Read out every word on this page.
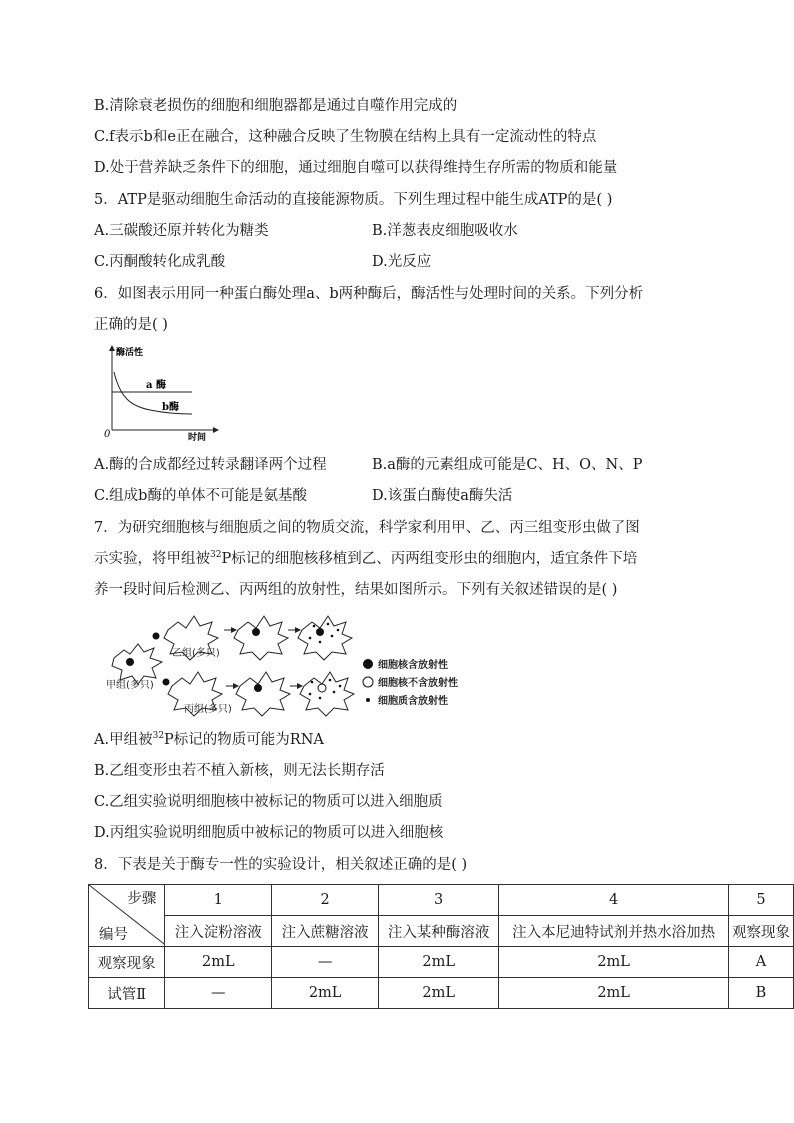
B.清除衰老损伤的细胞和细胞器都是通过自噬作用完成的
C.f表示b和e正在融合，这种融合反映了生物膜在结构上具有一定流动性的特点
D.处于营养缺乏条件下的细胞，通过细胞自噬可以获得维持生存所需的物质和能量
5．ATP是驱动细胞生命活动的直接能源物质。下列生理过程中能生成ATP的是( )
A.三碳酸还原并转化为糖类	B.洋葱表皮细胞吸收水
C.丙酮酸转化成乳酸	D.光反应
6．如图表示用同一种蛋白酶处理a、b两种酶后，酶活性与处理时间的关系。下列分析
正确的是( )
酶活性
时间
0
a 酶
b酶
A.酶的合成都经过转录翻译两个过程	B.a酶的元素组成可能是C、H、O、N、P
C.组成b酶的单体不可能是氨基酸	D.该蛋白酶使a酶失活
7．为研究细胞核与细胞质之间的物质交流，科学家利用甲、乙、丙三组变形虫做了图
示实验，将甲组被$^{32}$P标记的细胞核移植到乙、丙两组变形虫的细胞内，适宜条件下培
养一段时间后检测乙、丙两组的放射性，结果如图所示。下列有关叙述错误的是( )
乙组(多只)
甲组(多只)
丙组(多只)
细胞核含放射性
细胞核不含放射性
细胞质含放射性
A.甲组被$^{32}$P标记的物质可能为RNA
B.乙组变形虫若不植入新核，则无法长期存活
C.乙组实验说明细胞核中被标记的物质可以进入细胞质
D.丙组实验说明细胞质中被标记的物质可以进入细胞核
8．下表是关于酶专一性的实验设计，相关叙述正确的是( )
步骤
编号	1	2	3	4	5
	注入淀粉溶液	注入蔗糖溶液	注入某种酶溶液	注入本尼迪特试剂并热水浴加热	观察现象
观察现象	2mL	—	2mL	2mL	A
试管Ⅱ	—	2mL	2mL	2mL	B
